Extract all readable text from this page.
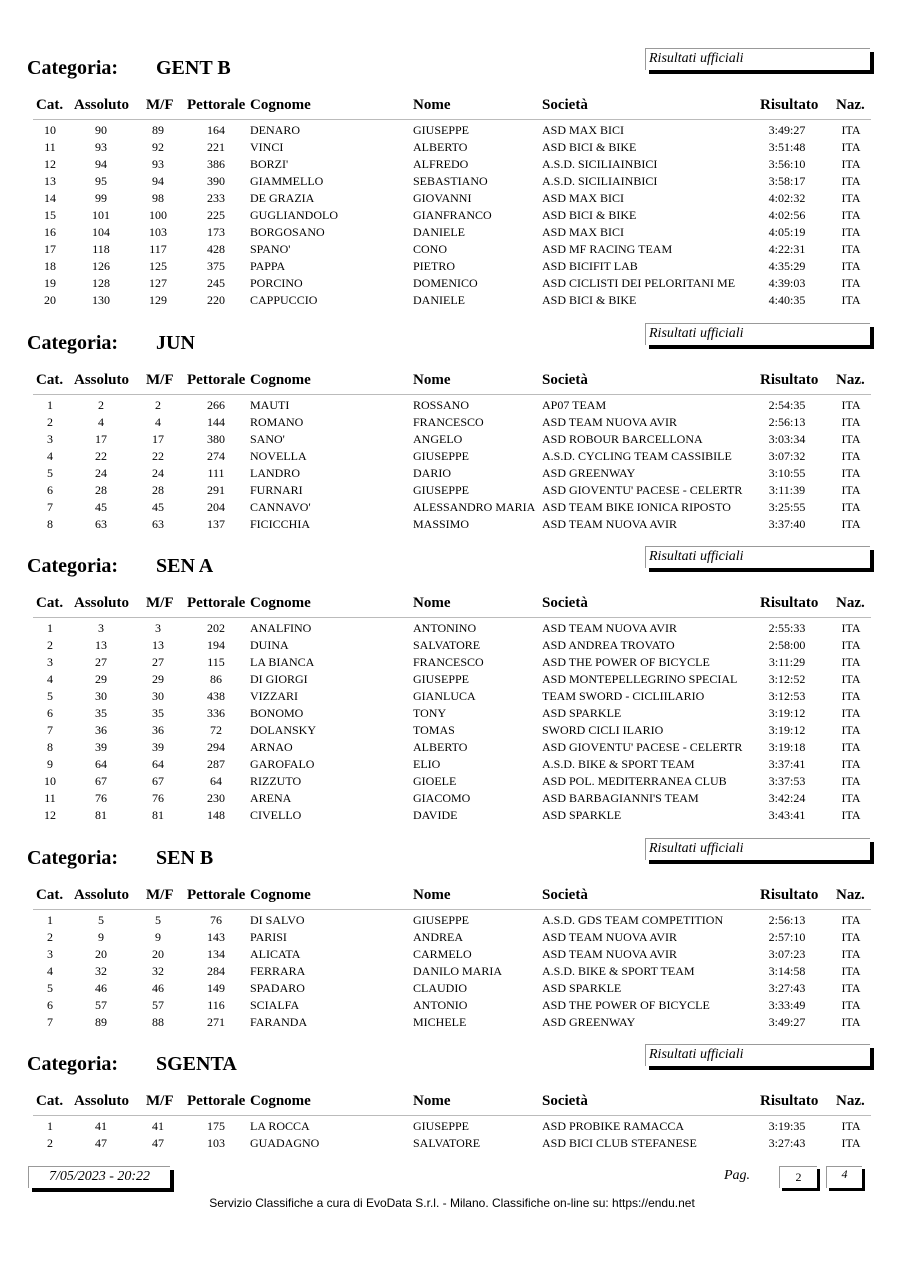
Categoria: GENT B	Risultati ufficiali
Cat. Assoluto M/F Pettorale Cognome	Nome	Società	Risultato Naz.
10	90	89	164	DENARO	GIUSEPPE	ASD MAX BICI	3:49:27	ITA
11	93	92	221	VINCI	ALBERTO	ASD BICI & BIKE	3:51:48	ITA
12	94	93	386	BORZI'	ALFREDO	A.S.D. SICILIAINBICI	3:56:10	ITA
13	95	94	390	GIAMMELLO	SEBASTIANO	A.S.D. SICILIAINBICI	3:58:17	ITA
14	99	98	233	DE GRAZIA	GIOVANNI	ASD MAX BICI	4:02:32	ITA
15	101	100	225	GUGLIANDOLO	GIANFRANCO	ASD BICI & BIKE	4:02:56	ITA
16	104	103	173	BORGOSANO	DANIELE	ASD MAX BICI	4:05:19	ITA
17	118	117	428	SPANO'	CONO	ASD MF RACING TEAM	4:22:31	ITA
18	126	125	375	PAPPA	PIETRO	ASD BICIFIT LAB	4:35:29	ITA
19	128	127	245	PORCINO	DOMENICO	ASD CICLISTI DEI PELORITANI ME	4:39:03	ITA
20	130	129	220	CAPPUCCIO	DANIELE	ASD BICI & BIKE	4:40:35	ITA
Categoria: JUN	Risultati ufficiali
Cat. Assoluto M/F Pettorale Cognome	Nome	Società	Risultato Naz.
1	2	2	266	MAUTI	ROSSANO	AP07 TEAM	2:54:35	ITA
2	4	4	144	ROMANO	FRANCESCO	ASD TEAM NUOVA AVIR	2:56:13	ITA
3	17	17	380	SANO'	ANGELO	ASD ROBOUR BARCELLONA	3:03:34	ITA
4	22	22	274	NOVELLA	GIUSEPPE	A.S.D. CYCLING TEAM CASSIBILE	3:07:32	ITA
5	24	24	111	LANDRO	DARIO	ASD GREENWAY	3:10:55	ITA
6	28	28	291	FURNARI	GIUSEPPE	ASD GIOVENTU' PACESE - CELERTR	3:11:39	ITA
7	45	45	204	CANNAVO'	ALESSANDRO MARIA ASD TEAM BIKE IONICA RIPOSTO	3:25:55	ITA
8	63	63	137	FICICCHIA	MASSIMO	ASD TEAM NUOVA AVIR	3:37:40	ITA
Categoria: SEN A	Risultati ufficiali
Cat. Assoluto M/F Pettorale Cognome	Nome	Società	Risultato Naz.
1	3	3	202	ANALFINO	ANTONINO	ASD TEAM NUOVA AVIR	2:55:33	ITA
2	13	13	194	DUINA	SALVATORE	ASD ANDREA TROVATO	2:58:00	ITA
3	27	27	115	LA BIANCA	FRANCESCO	ASD THE POWER OF BICYCLE	3:11:29	ITA
4	29	29	86	DI GIORGI	GIUSEPPE	ASD MONTEPELLEGRINO SPECIAL	3:12:52	ITA
5	30	30	438	VIZZARI	GIANLUCA	TEAM SWORD - CICLIILARIO	3:12:53	ITA
6	35	35	336	BONOMO	TONY	ASD SPARKLE	3:19:12	ITA
7	36	36	72	DOLANSKY	TOMAS	SWORD CICLI ILARIO	3:19:12	ITA
8	39	39	294	ARNAO	ALBERTO	ASD GIOVENTU' PACESE - CELERTR	3:19:18	ITA
9	64	64	287	GAROFALO	ELIO	A.S.D. BIKE & SPORT TEAM	3:37:41	ITA
10	67	67	64	RIZZUTO	GIOELE	ASD POL. MEDITERRANEA CLUB	3:37:53	ITA
11	76	76	230	ARENA	GIACOMO	ASD BARBAGIANNI'S TEAM	3:42:24	ITA
12	81	81	148	CIVELLO	DAVIDE	ASD SPARKLE	3:43:41	ITA
Categoria: SEN B	Risultati ufficiali
Cat. Assoluto M/F Pettorale Cognome	Nome	Società	Risultato Naz.
1	5	5	76	DI SALVO	GIUSEPPE	A.S.D. GDS TEAM COMPETITION	2:56:13	ITA
2	9	9	143	PARISI	ANDREA	ASD TEAM NUOVA AVIR	2:57:10	ITA
3	20	20	134	ALICATA	CARMELO	ASD TEAM NUOVA AVIR	3:07:23	ITA
4	32	32	284	FERRARA	DANILO MARIA	A.S.D. BIKE & SPORT TEAM	3:14:58	ITA
5	46	46	149	SPADARO	CLAUDIO	ASD SPARKLE	3:27:43	ITA
6	57	57	116	SCIALFA	ANTONIO	ASD THE POWER OF BICYCLE	3:33:49	ITA
7	89	88	271	FARANDA	MICHELE	ASD GREENWAY	3:49:27	ITA
Categoria: SGENTA	Risultati ufficiali
Cat. Assoluto M/F Pettorale Cognome	Nome	Società	Risultato Naz.
1	41	41	175	LA ROCCA	GIUSEPPE	ASD PROBIKE RAMACCA	3:19:35	ITA
2	47	47	103	GUADAGNO	SALVATORE	ASD BICI CLUB STEFANESE	3:27:43	ITA
7/05/2023 - 20:22	Pag.	2	4
Servizio Classifiche a cura di EvoData S.r.l. - Milano. Classifiche on-line su: https://endu.net
